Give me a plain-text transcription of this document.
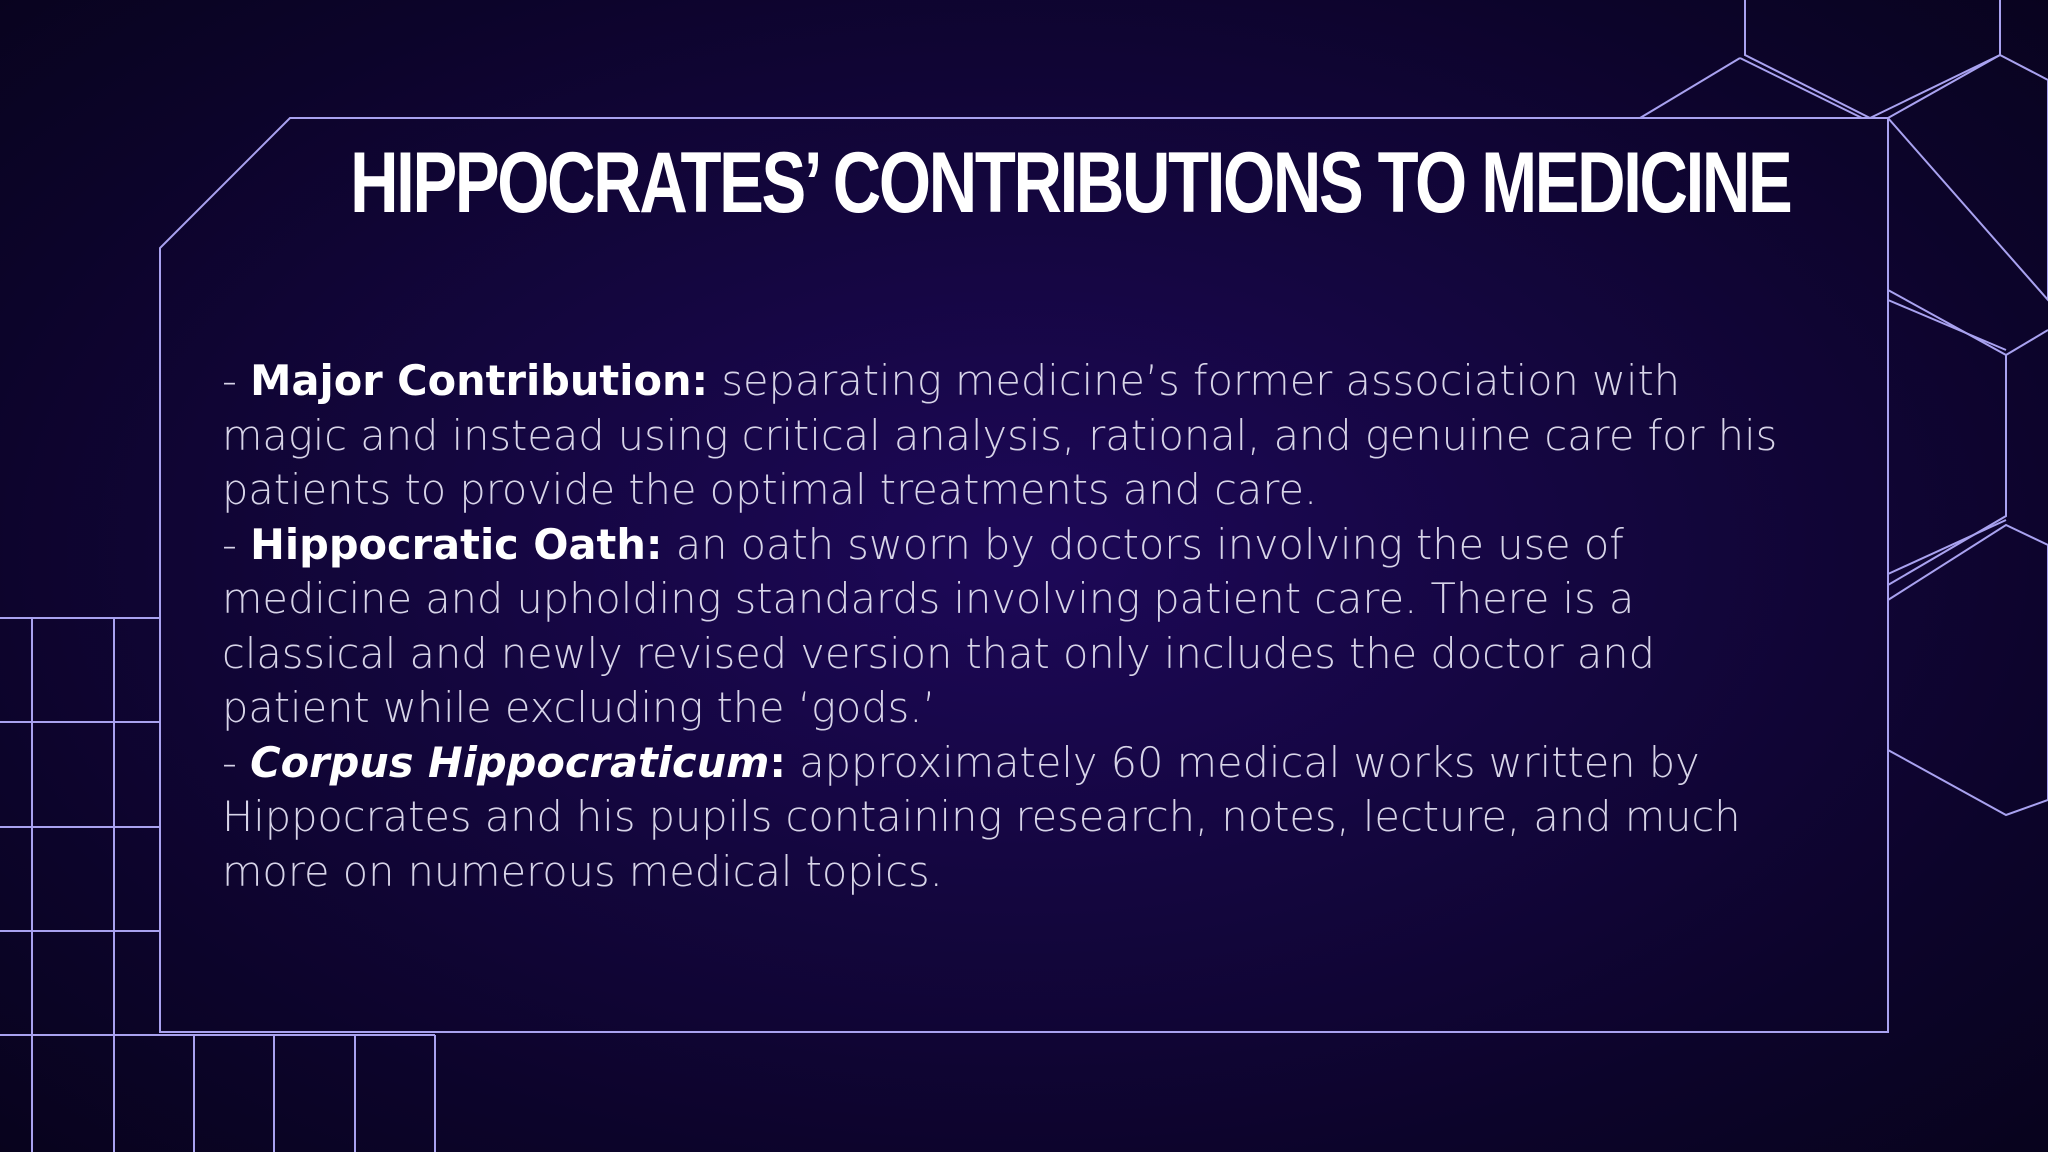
HIPPOCRATES’ CONTRIBUTIONS TO MEDICINE

- Major Contribution: separating medicine’s former association with magic and instead using critical analysis, rational, and genuine care for his patients to provide the optimal treatments and care.

- Hippocratic Oath: an oath sworn by doctors involving the use of medicine and upholding standards involving patient care. There is a classical and newly revised version that only includes the doctor and patient while excluding the ‘gods.’

- Corpus Hippocraticum: approximately 60 medical works written by Hippocrates and his pupils containing research, notes, lecture, and much more on numerous medical topics.
